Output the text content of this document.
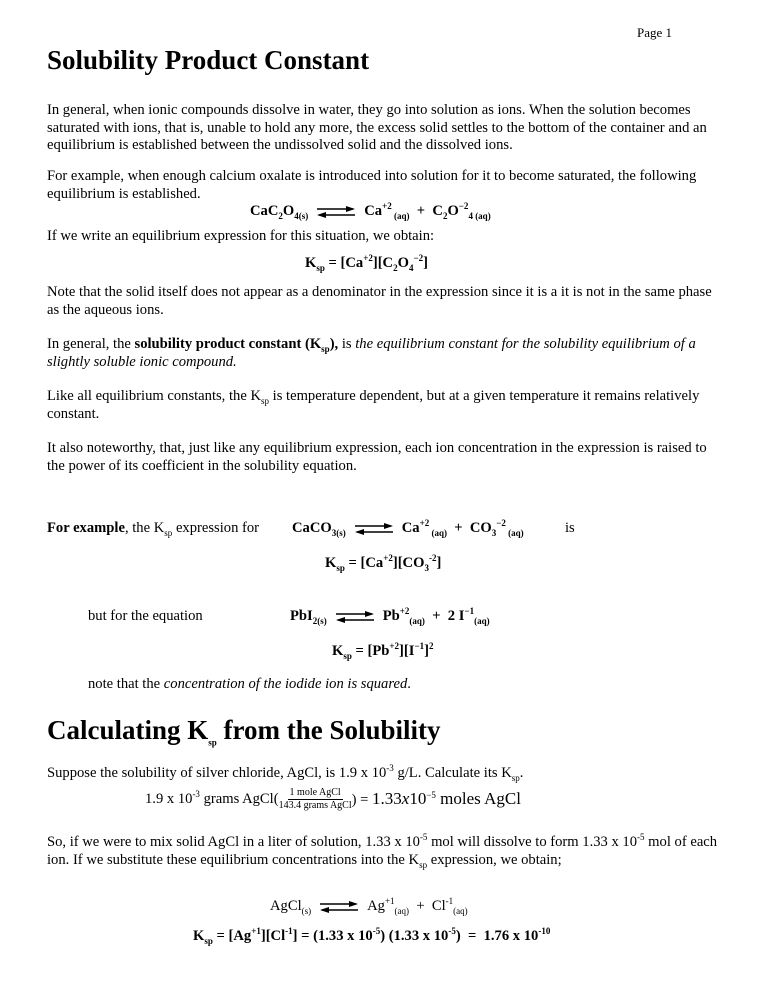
Page 1
Solubility Product Constant
In general, when ionic compounds dissolve in water, they go into solution as ions. When the solution becomes saturated with ions, that is, unable to hold any more, the excess solid settles to the bottom of the container and an equilibrium is established between the undissolved solid and the dissolved ions.
For example, when enough calcium oxalate is introduced into solution for it to become saturated, the following equilibrium is established.
$CaC_2O_{4(s)}$ ⇌ $Ca^{+2}$ $_{(aq)} + C_2O^{-2}_4$ $_{(aq)}$
If we write an equilibrium expression for this situation, we obtain:
$K_{sp} = [Ca^{+2}][C_2O_4^{-2}]$
Note that the solid itself does not appear as a denominator in the expression since it is a it is not in the same phase as the aqueous ions.
In general, the solubility product constant $(K_{sp})$, is the equilibrium constant for the solubility equilibrium of a slightly soluble ionic compound.
Like all equilibrium constants, the $K_{sp}$ is temperature dependent, but at a given temperature it remains relatively constant.
It also noteworthy, that, just like any equilibrium expression, each ion concentration in the expression is raised to the power of its coefficient in the solubility equation.
For example, the $K_{sp}$ expression for CaCO$_{3(s)}$ ⇌ $Ca^{+2}$ $_{(aq)} + CO_3^{-2}$ $_{(aq)}$	is
$K_{sp} = [Ca^{+2}][CO_3^{-2}]$
but for the equation	PbI$_{2(s)}$ ⇌ $Pb^{+2}_{(aq)} + 2$ $I^{-1}_{(aq)}$
$K_{sp} = [Pb^{+2}][I^{-1}]^2$
note that the concentration of the iodide ion is squared.
Calculating $K_{sp}$ from the Solubility
Suppose the solubility of silver chloride, AgCl, is 1.9 x $10^{-3}$ g/L. Calculate its $K_{sp}$.
1.9 x $10^{-3}$ grams AgCl( $\frac{\text{1 mole AgCl}}{\text{143.4 grams AgCl}}$ ) = $1.33x10^{-5}$ moles AgCl
So, if we were to mix solid AgCl in a liter of solution, 1.33 x $10^{-5}$ mol will dissolve to form 1.33 x $10^{-5}$ mol of each ion. If we substitute these equilibrium concentrations into the $K_{sp}$ expression, we obtain;
AgCl$_{(s)}$ ⇌ $Ag^{+1}_{(aq)} + Cl^{-1}_{(aq)}$
$K_{sp} = [Ag^{+1}][Cl^{-1}] = (1.33$ x $10^{-5}$) (1.33 x $10^{-5}) = 1.76$ x $10^{-10}$
